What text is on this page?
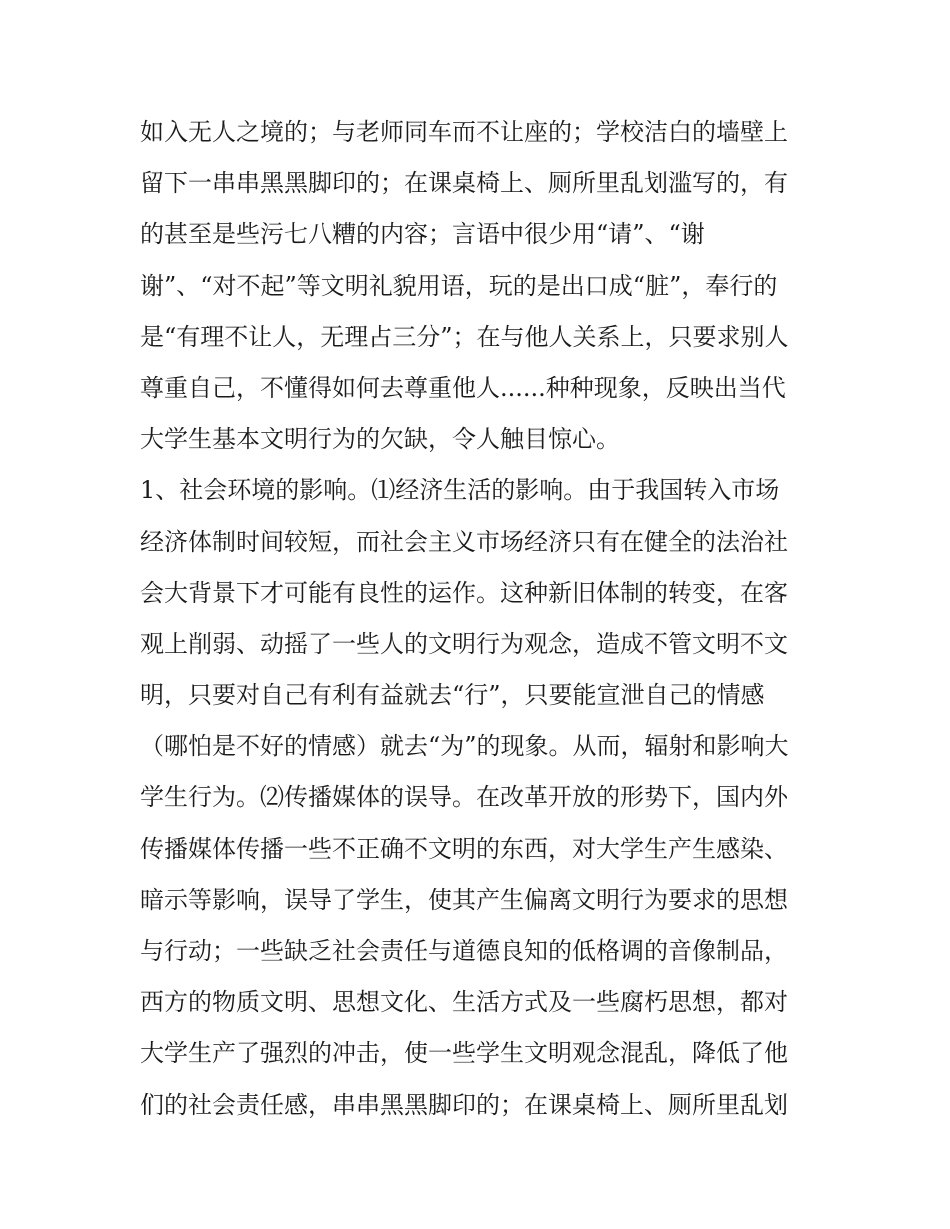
如入无人之境的；与老师同车而不让座的；学校洁白的墙壁上
留下一串串黑黑脚印的；在课桌椅上、厕所里乱划滥写的，有
的甚至是些污七八糟的内容；言语中很少用“请”、“谢
谢”、“对不起”等文明礼貌用语，玩的是出口成“脏”，奉行的
是“有理不让人，无理占三分”；在与他人关系上，只要求别人
尊重自己，不懂得如何去尊重他人......种种现象，反映出当代
大学生基本文明行为的欠缺，令人触目惊心。
1、社会环境的影响。⑴经济生活的影响。由于我国转入市场
经济体制时间较短，而社会主义市场经济只有在健全的法治社
会大背景下才可能有良性的运作。这种新旧体制的转变，在客
观上削弱、动摇了一些人的文明行为观念，造成不管文明不文
明，只要对自己有利有益就去“行”，只要能宣泄自己的情感
（哪怕是不好的情感）就去“为”的现象。从而，辐射和影响大
学生行为。⑵传播媒体的误导。在改革开放的形势下，国内外
传播媒体传播一些不正确不文明的东西，对大学生产生感染、
暗示等影响，误导了学生，使其产生偏离文明行为要求的思想
与行动；一些缺乏社会责任与道德良知的低格调的音像制品，
西方的物质文明、思想文化、生活方式及一些腐朽思想，都对
大学生产了强烈的冲击，使一些学生文明观念混乱，降低了他
们的社会责任感，串串黑黑脚印的；在课桌椅上、厕所里乱划
